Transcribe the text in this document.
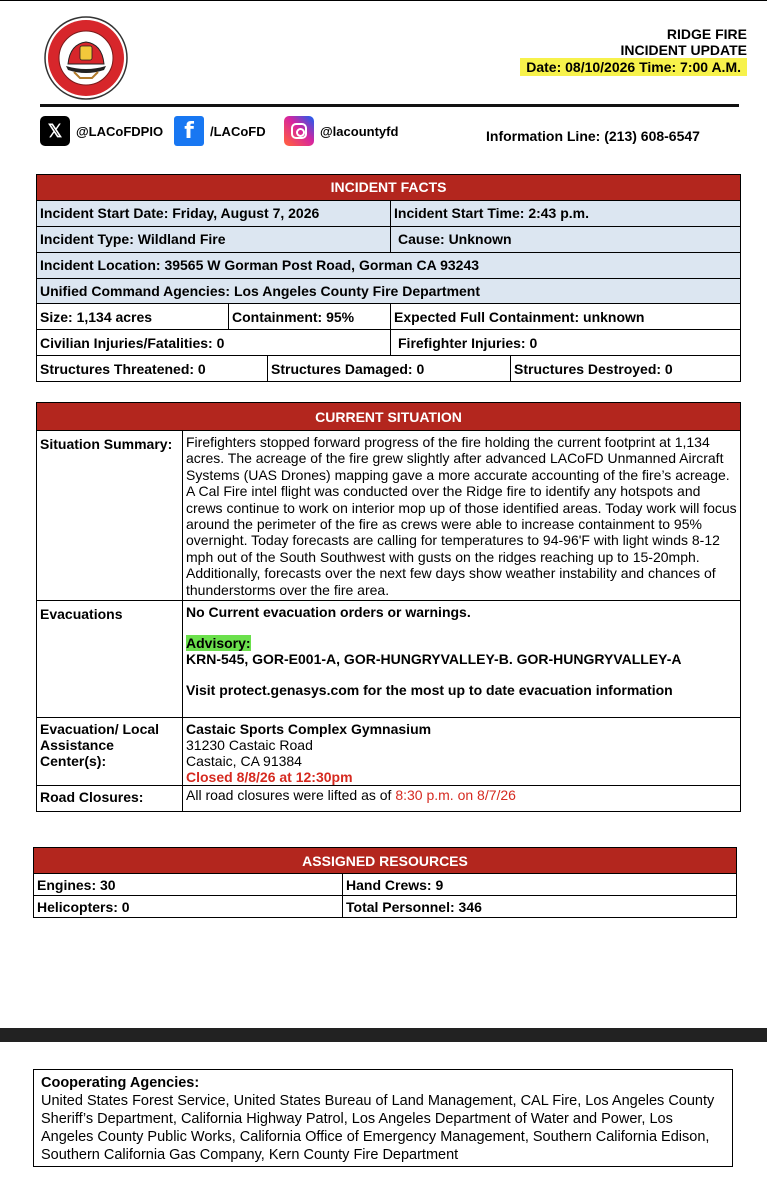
RIDGE FIRE
INCIDENT UPDATE
Date: 08/10/2026 Time: 7:00 A.M.
𝕏	@LACoFDPIO f	/LACoFD	@lacountyfd	Information Line: (213) 608-6547
INCIDENT FACTS				
Incident Start Date: Friday, August 7, 2026			Incident Start Time: 2:43 p.m.	
Incident Type: Wildland Fire			Cause: Unknown	
Incident Location: 39565 W Gorman Post Road, Gorman CA 93243				
Unified Command Agencies: Los Angeles County Fire Department				
Size: 1,134 acres	Containment: 95%		Expected Full Containment: unknown	
Civilian Injuries/Fatalities: 0			Firefighter Injuries: 0	
Structures Threatened: 0		Structures Damaged: 0		Structures Destroyed: 0
CURRENT SITUATION	
Situation Summary:	Firefighters stopped forward progress of the fire holding the current footprint at 1,134 acres. The acreage of the fire grew slightly after advanced LACoFD Unmanned Aircraft Systems (UAS Drones) mapping gave a more accurate accounting of the fire’s acreage. A Cal Fire intel flight was conducted over the Ridge fire to identify any hotspots and crews continue to work on interior mop up of those identified areas. Today work will focus around the perimeter of the fire as crews were able to increase containment to 95% overnight. Today forecasts are calling for temperatures to 94-96'F with light winds 8-12 mph out of the South Southwest with gusts on the ridges reaching up to 15-20mph. Additionally, forecasts over the next few days show weather instability and chances of thunderstorms over the fire area.
Evacuations	No Current evacuation orders or warnings.
Advisory:
KRN-545, GOR-E001-A, GOR-HUNGRYVALLEY-B. GOR-HUNGRYVALLEY-A
Visit protect.genasys.com for the most up to date evacuation information

Evacuation/ Local Assistance Center(s):	Castaic Sports Complex Gymnasium
31230 Castaic Road
Castaic, CA 91384
Closed 8/8/26 at 12:30pm

Road Closures:	All road closures were lifted as of 8:30 p.m. on 8/7/26
ASSIGNED RESOURCES	
Engines: 30	Hand Crews: 9
Helicopters: 0	Total Personnel: 346
Cooperating Agencies:
United States Forest Service, United States Bureau of Land Management, CAL Fire, Los Angeles County Sheriff’s Department, California Highway Patrol, Los Angeles Department of Water and Power, Los Angeles County Public Works, California Office of Emergency Management, Southern California Edison, Southern California Gas Company, Kern County Fire Department
